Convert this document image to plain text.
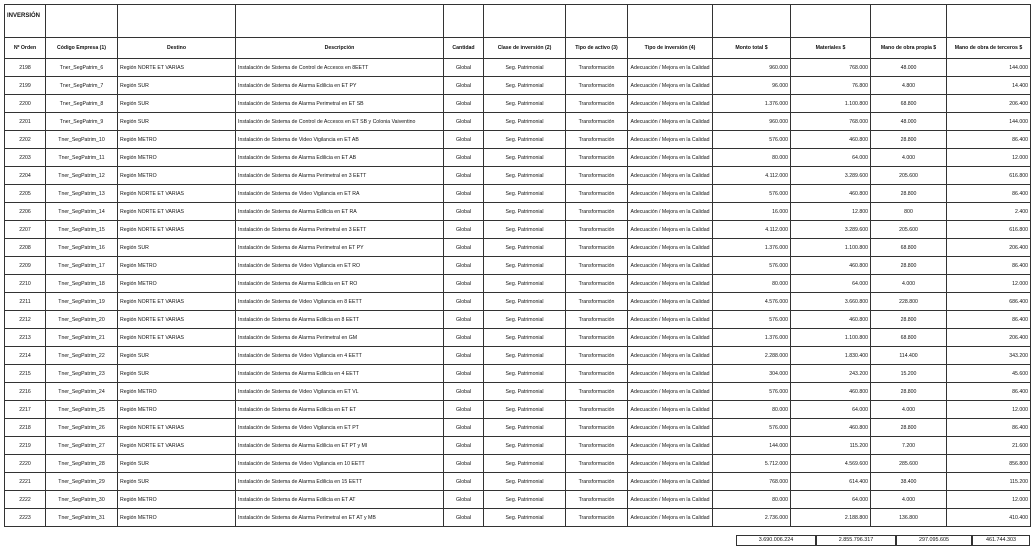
INVERSIÓN											
Nº Orden	Código Empresa (1)	Destino	Descripción	Cantidad	Clase de inversión (2)	Tipo de activo (3)	Tipo de inversión (4)	Monto total $	Materiales $	Mano de obra propia $	Mano de obra de terceros $
2198	Tner_SegPatrim_6	Región NORTE ET VARIAS	Instalación de Sistema de Control de Accesos en 8EETT	Global	Seg. Patrimonial	Transformación	Adecuación / Mejora en la Calidad	960.000	768.000	48.000	144.000
2199	Tner_SegPatrim_7	Región SUR	Instalación de Sistema de Alarma Edilicia en ET PY	Global	Seg. Patrimonial	Transformación	Adecuación / Mejora en la Calidad	96.000	76.800	4.800	14.400
2200	Tner_SegPatrim_8	Región SUR	Instalación de Sistema de Alarma Perimetral en ET SB	Global	Seg. Patrimonial	Transformación	Adecuación / Mejora en la Calidad	1.376.000	1.100.800	68.800	206.400
2201	Tner_SegPatrim_9	Región SUR	Instalación de Sistema de Control de Accesos en ET SB y Colonia Vaiventino	Global	Seg. Patrimonial	Transformación	Adecuación / Mejora en la Calidad	960.000	768.000	48.000	144.000
2202	Tner_SegPatrim_10	Región METRO	Instalación de Sistema de Video Vigilancia en ET AB	Global	Seg. Patrimonial	Transformación	Adecuación / Mejora en la Calidad	576.000	460.800	28.800	86.400
2203	Tner_SegPatrim_11	Región METRO	Instalación de Sistema de Alarma Edilicia en ET AB	Global	Seg. Patrimonial	Transformación	Adecuación / Mejora en la Calidad	80.000	64.000	4.000	12.000
2204	Tner_SegPatrim_12	Región METRO	Instalación de Sistema de Alarma Perimetral en 3 EETT	Global	Seg. Patrimonial	Transformación	Adecuación / Mejora en la Calidad	4.112.000	3.289.600	205.600	616.800
2205	Tner_SegPatrim_13	Región NORTE ET VARIAS	Instalación de Sistema de Video Vigilancia en ET RA	Global	Seg. Patrimonial	Transformación	Adecuación / Mejora en la Calidad	576.000	460.800	28.800	86.400
2206	Tner_SegPatrim_14	Región NORTE ET VARIAS	Instalación de Sistema de Alarma Edilicia en ET RA	Global	Seg. Patrimonial	Transformación	Adecuación / Mejora en la Calidad	16.000	12.800	800	2.400
2207	Tner_SegPatrim_15	Región NORTE ET VARIAS	Instalación de Sistema de Alarma Perimetral en 3 EETT	Global	Seg. Patrimonial	Transformación	Adecuación / Mejora en la Calidad	4.112.000	3.289.600	205.600	616.800
2208	Tner_SegPatrim_16	Región SUR	Instalación de Sistema de Alarma Perimetral en ET PY	Global	Seg. Patrimonial	Transformación	Adecuación / Mejora en la Calidad	1.376.000	1.100.800	68.800	206.400
2209	Tner_SegPatrim_17	Región METRO	Instalación de Sistema de Video Vigilancia en ET RO	Global	Seg. Patrimonial	Transformación	Adecuación / Mejora en la Calidad	576.000	460.800	28.800	86.400
2210	Tner_SegPatrim_18	Región METRO	Instalación de Sistema de Alarma Edilicia en ET RO	Global	Seg. Patrimonial	Transformación	Adecuación / Mejora en la Calidad	80.000	64.000	4.000	12.000
2211	Tner_SegPatrim_19	Región NORTE ET VARIAS	Instalación de Sistema de Video Vigilancia en 8 EETT	Global	Seg. Patrimonial	Transformación	Adecuación / Mejora en la Calidad	4.576.000	3.660.800	228.800	686.400
2212	Tner_SegPatrim_20	Región NORTE ET VARIAS	Instalación de Sistema de Alarma Edilicia en 8 EETT	Global	Seg. Patrimonial	Transformación	Adecuación / Mejora en la Calidad	576.000	460.800	28.800	86.400
2213	Tner_SegPatrim_21	Región NORTE ET VARIAS	Instalación de Sistema de Alarma Perimetral en GM	Global	Seg. Patrimonial	Transformación	Adecuación / Mejora en la Calidad	1.376.000	1.100.800	68.800	206.400
2214	Tner_SegPatrim_22	Región SUR	Instalación de Sistema de Video Vigilancia en 4 EETT	Global	Seg. Patrimonial	Transformación	Adecuación / Mejora en la Calidad	2.288.000	1.830.400	114.400	343.200
2215	Tner_SegPatrim_23	Región SUR	Instalación de Sistema de Alarma Edilicia en 4 EETT	Global	Seg. Patrimonial	Transformación	Adecuación / Mejora en la Calidad	304.000	243.200	15.200	45.600
2216	Tner_SegPatrim_24	Región METRO	Instalación de Sistema de Video Vigilancia en ET VL	Global	Seg. Patrimonial	Transformación	Adecuación / Mejora en la Calidad	576.000	460.800	28.800	86.400
2217	Tner_SegPatrim_25	Región METRO	Instalación de Sistema de Alarma Edilicia en ET ET	Global	Seg. Patrimonial	Transformación	Adecuación / Mejora en la Calidad	80.000	64.000	4.000	12.000
2218	Tner_SegPatrim_26	Región NORTE ET VARIAS	Instalación de Sistema de Video Vigilancia en ET PT	Global	Seg. Patrimonial	Transformación	Adecuación / Mejora en la Calidad	576.000	460.800	28.800	86.400
2219	Tner_SegPatrim_27	Región NORTE ET VARIAS	Instalación de Sistema de Alarma Edilicia en ET PT y MI	Global	Seg. Patrimonial	Transformación	Adecuación / Mejora en la Calidad	144.000	115.200	7.200	21.600
2220	Tner_SegPatrim_28	Región SUR	Instalación de Sistema de Video Vigilancia en 10 EETT	Global	Seg. Patrimonial	Transformación	Adecuación / Mejora en la Calidad	5.712.000	4.569.600	285.600	856.800
2221	Tner_SegPatrim_29	Región SUR	Instalación de Sistema de Alarma Edilicia en 15 EETT	Global	Seg. Patrimonial	Transformación	Adecuación / Mejora en la Calidad	768.000	614.400	38.400	115.200
2222	Tner_SegPatrim_30	Región METRO	Instalación de Sistema de Alarma Edilicia en ET AT	Global	Seg. Patrimonial	Transformación	Adecuación / Mejora en la Calidad	80.000	64.000	4.000	12.000
2223	Tner_SegPatrim_31	Región METRO	Instalación de Sistema de Alarma Perimetral en ET AT y MB	Global	Seg. Patrimonial	Transformación	Adecuación / Mejora en la Calidad	2.736.000	2.188.800	136.800	410.400
3.690.006.224	2.855.796.317	297.095.605	461.744.303
